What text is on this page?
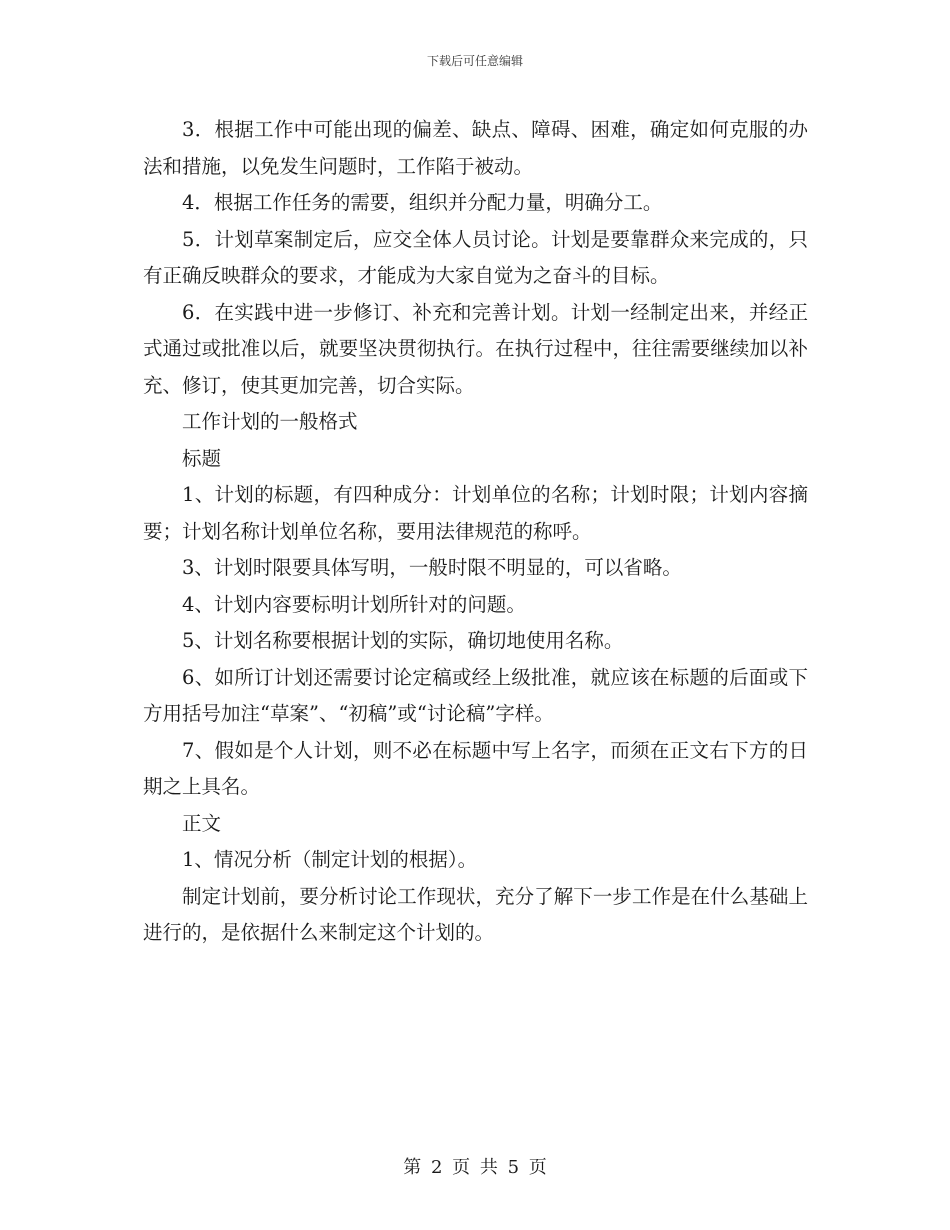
下载后可任意编辑

3．根据工作中可能出现的偏差、缺点、障碍、困难，确定如何克服的办法和措施，以免发生问题时，工作陷于被动。

4．根据工作任务的需要，组织并分配力量，明确分工。

5．计划草案制定后，应交全体人员讨论。计划是要靠群众来完成的，只有正确反映群众的要求，才能成为大家自觉为之奋斗的目标。

6．在实践中进一步修订、补充和完善计划。计划一经制定出来，并经正式通过或批准以后，就要坚决贯彻执行。在执行过程中，往往需要继续加以补充、修订，使其更加完善，切合实际。

工作计划的一般格式

标题

1、计划的标题，有四种成分：计划单位的名称；计划时限；计划内容摘要；计划名称计划单位名称，要用法律规范的称呼。

3、计划时限要具体写明，一般时限不明显的，可以省略。

4、计划内容要标明计划所针对的问题。

5、计划名称要根据计划的实际，确切地使用名称。

6、如所订计划还需要讨论定稿或经上级批准，就应该在标题的后面或下方用括号加注“草案”、“初稿”或“讨论稿”字样。

7、假如是个人计划，则不必在标题中写上名字，而须在正文右下方的日期之上具名。

正文

1、情况分析（制定计划的根据）。

制定计划前，要分析讨论工作现状，充分了解下一步工作是在什么基础上进行的，是依据什么来制定这个计划的。

第 2 页 共 5 页
